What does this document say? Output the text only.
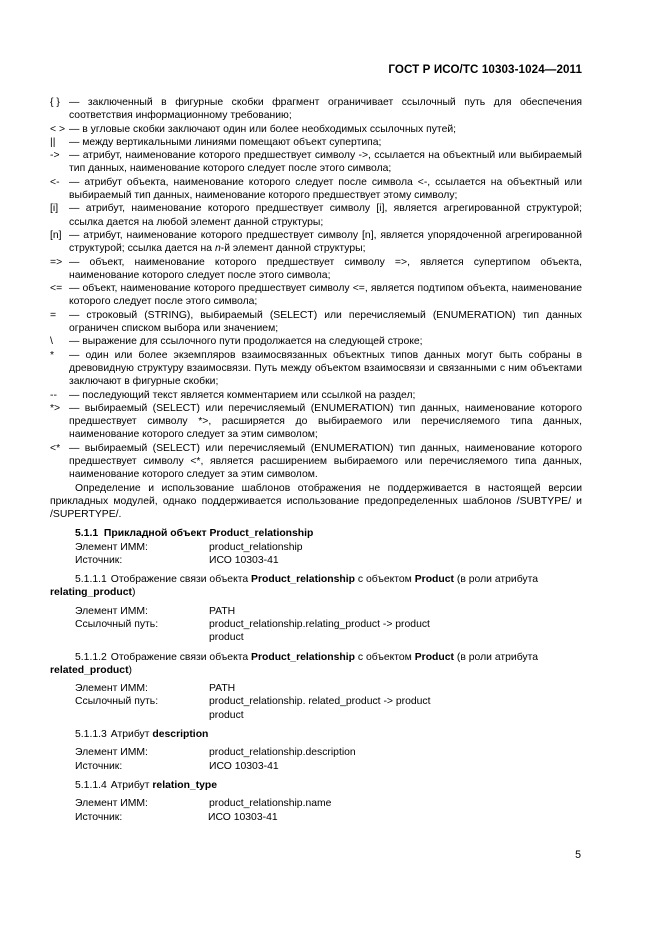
ГОСТ Р ИСО/ТС 10303-1024—2011
{ } — заключенный в фигурные скобки фрагмент ограничивает ссылочный путь для обеспечения соответствия информационному требованию;
< > — в угловые скобки заключают один или более необходимых ссылочных путей;
|| — между вертикальными линиями помещают объект супертипа;
-> — атрибут, наименование которого предшествует символу ->, ссылается на объектный или выбираемый тип данных, наименование которого следует после этого символа;
<- — атрибут объекта, наименование которого следует после символа <-, ссылается на объектный или выбираемый тип данных, наименование которого предшествует этому символу;
[i] — атрибут, наименование которого предшествует символу [i], является агрегированной структурой; ссылка дается на любой элемент данной структуры;
[n] — атрибут, наименование которого предшествует символу [n], является упорядоченной агрегированной структурой; ссылка дается на n-й элемент данной структуры;
=> — объект, наименование которого предшествует символу =>, является супертипом объекта, наименование которого следует после этого символа;
<= — объект, наименование которого предшествует символу <=, является подтипом объекта, наименование которого следует после этого символа;
= — строковый (STRING), выбираемый (SELECT) или перечисляемый (ENUMERATION) тип данных ограничен списком выбора или значением;
\ — выражение для ссылочного пути продолжается на следующей строке;
* — один или более экземпляров взаимосвязанных объектных типов данных могут быть собраны в древовидную структуру взаимосвязи. Путь между объектом взаимосвязи и связанными с ним объектами заключают в фигурные скобки;
-- — последующий текст является комментарием или ссылкой на раздел;
*> — выбираемый (SELECT) или перечисляемый (ENUMERATION) тип данных, наименование которого предшествует символу *>, расширяется до выбираемого или перечисляемого типа данных, наименование которого следует за этим символом;
<* — выбираемый (SELECT) или перечисляемый (ENUMERATION) тип данных, наименование которого предшествует символу <*, является расширением выбираемого или перечисляемого типа данных, наименование которого следует за этим символом.

Определение и использование шаблонов отображения не поддерживается в настоящей версии прикладных модулей, однако поддерживается использование предопределенных шаблонов /SUBTYPE/ и /SUPERTYPE/.

5.1.1 Прикладной объект Product_relationship
Элемент ИММ:	product_relationship
Источник:	ИСО 10303-41
5.1.1.1 Отображение связи объекта Product_relationship с объектом Product (в роли атрибута
relating_product)
Элемент ИММ:	PATH
Ссылочный путь:	product_relationship.relating_product -> product
product
5.1.1.2 Отображение связи объекта Product_relationship с объектом Product (в роли атрибута
related_product)
Элемент ИММ:	PATH
Ссылочный путь:	product_relationship. related_product -> product
product
5.1.1.3 Атрибут description
Элемент ИММ:	product_relationship.description
Источник:	ИСО 10303-41
5.1.1.4 Атрибут relation_type
Элемент ИММ:	product_relationship.name
Источник:	ИСО 10303-41
5
